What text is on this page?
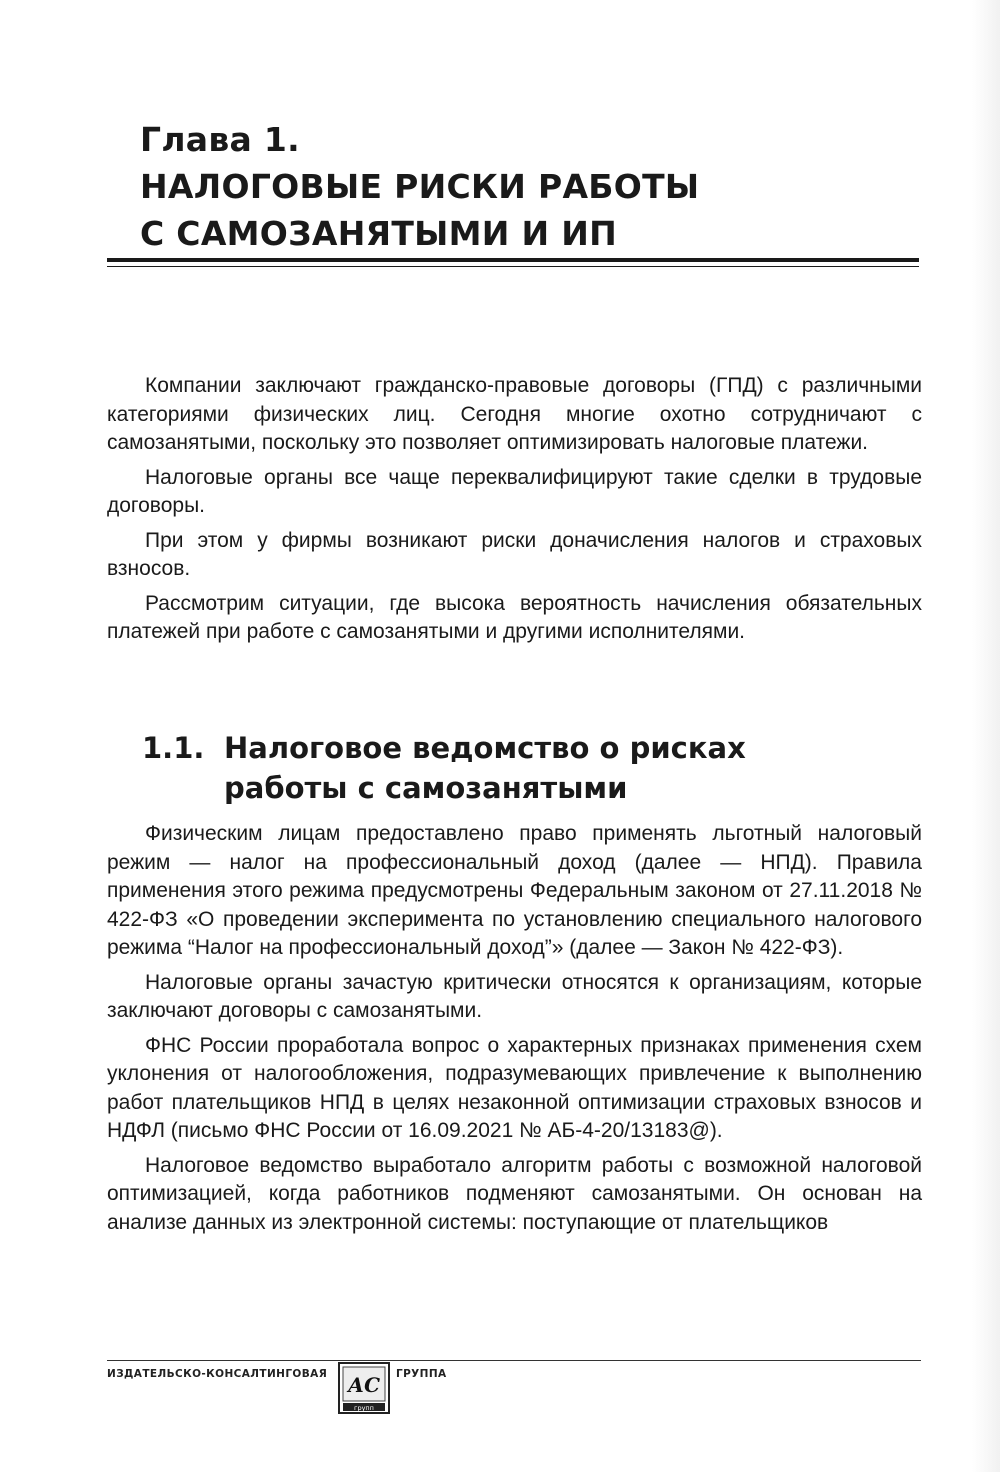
Глава 1.
НАЛОГОВЫЕ РИСКИ РАБОТЫ
С САМОЗАНЯТЫМИ И ИП

Компании заключают гражданско-правовые договоры (ГПД) с различными категориями физических лиц. Сегодня многие охотно сотрудничают с самозанятыми, поскольку это позволяет оптимизировать налоговые платежи.

Налоговые органы все чаще переквалифицируют такие сделки в трудовые договоры.

При этом у фирмы возникают риски доначисления налогов и страховых взносов.

Рассмотрим ситуации, где высока вероятность начисления обязательных платежей при работе с самозанятыми и другими исполнителями.

1.1. Налоговое ведомство о рисках
работы с самозанятыми

Физическим лицам предоставлено право применять льготный налоговый режим — налог на профессиональный доход (далее — НПД). Правила применения этого режима предусмотрены Федеральным законом от 27.11.2018 № 422-ФЗ «О проведении эксперимента по установлению специального налогового режима “Налог на профессиональный доход”» (далее — Закон № 422-ФЗ).

Налоговые органы зачастую критически относятся к организациям, которые заключают договоры с самозанятыми.

ФНС России проработала вопрос о характерных признаках применения схем уклонения от налогообложения, подразумевающих привлечение к выполнению работ плательщиков НПД в целях незаконной оптимизации страховых взносов и НДФЛ (письмо ФНС России от 16.09.2021 № АБ-4-20/13183@).

Налоговое ведомство выработало алгоритм работы с возможной налоговой оптимизацией, когда работников подменяют самозанятыми. Он основан на анализе данных из электронной системы: поступающие от плательщиков

ИЗДАТЕЛЬСКО-КОНСАЛТИНГОВАЯ АС
групп
ГРУППА
